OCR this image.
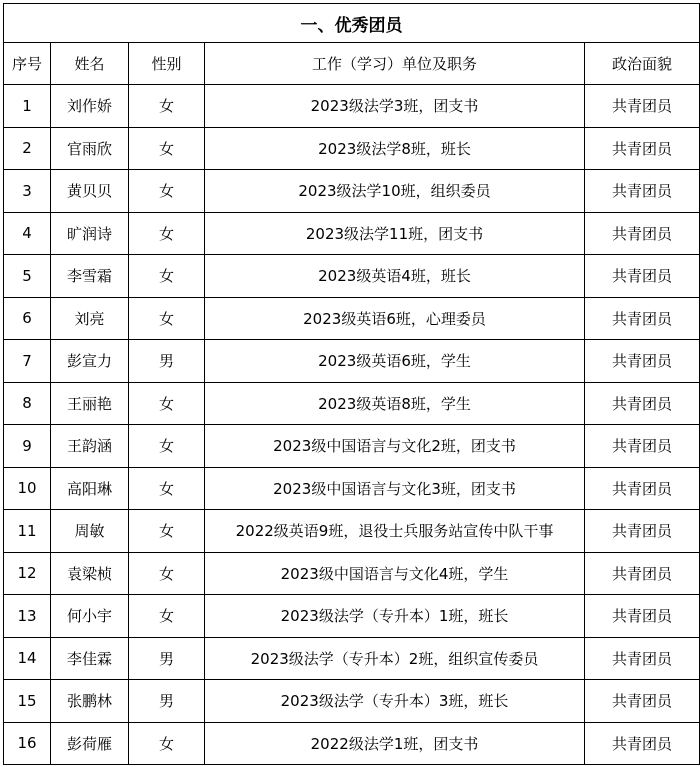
一、优秀团员				
序号	姓名	性别	工作（学习）单位及职务	政治面貌
1	刘作娇	女	2023级法学3班，团支书	共青团员
2	官雨欣	女	2023级法学8班，班长	共青团员
3	黄贝贝	女	2023级法学10班，组织委员	共青团员
4	旷润诗	女	2023级法学11班，团支书	共青团员
5	李雪霜	女	2023级英语4班，班长	共青团员
6	刘亮	女	2023级英语6班，心理委员	共青团员
7	彭宣力	男	2023级英语6班，学生	共青团员
8	王丽艳	女	2023级英语8班，学生	共青团员
9	王韵涵	女	2023级中国语言与文化2班，团支书	共青团员
10	高阳琳	女	2023级中国语言与文化3班，团支书	共青团员
11	周敏	女	2022级英语9班，退役士兵服务站宣传中队干事	共青团员
12	袁梁桢	女	2023级中国语言与文化4班，学生	共青团员
13	何小宇	女	2023级法学（专升本）1班，班长	共青团员
14	李佳霖	男	2023级法学（专升本）2班，组织宣传委员	共青团员
15	张鹏林	男	2023级法学（专升本）3班，班长	共青团员
16	彭荷雁	女	2022级法学1班，团支书	共青团员
